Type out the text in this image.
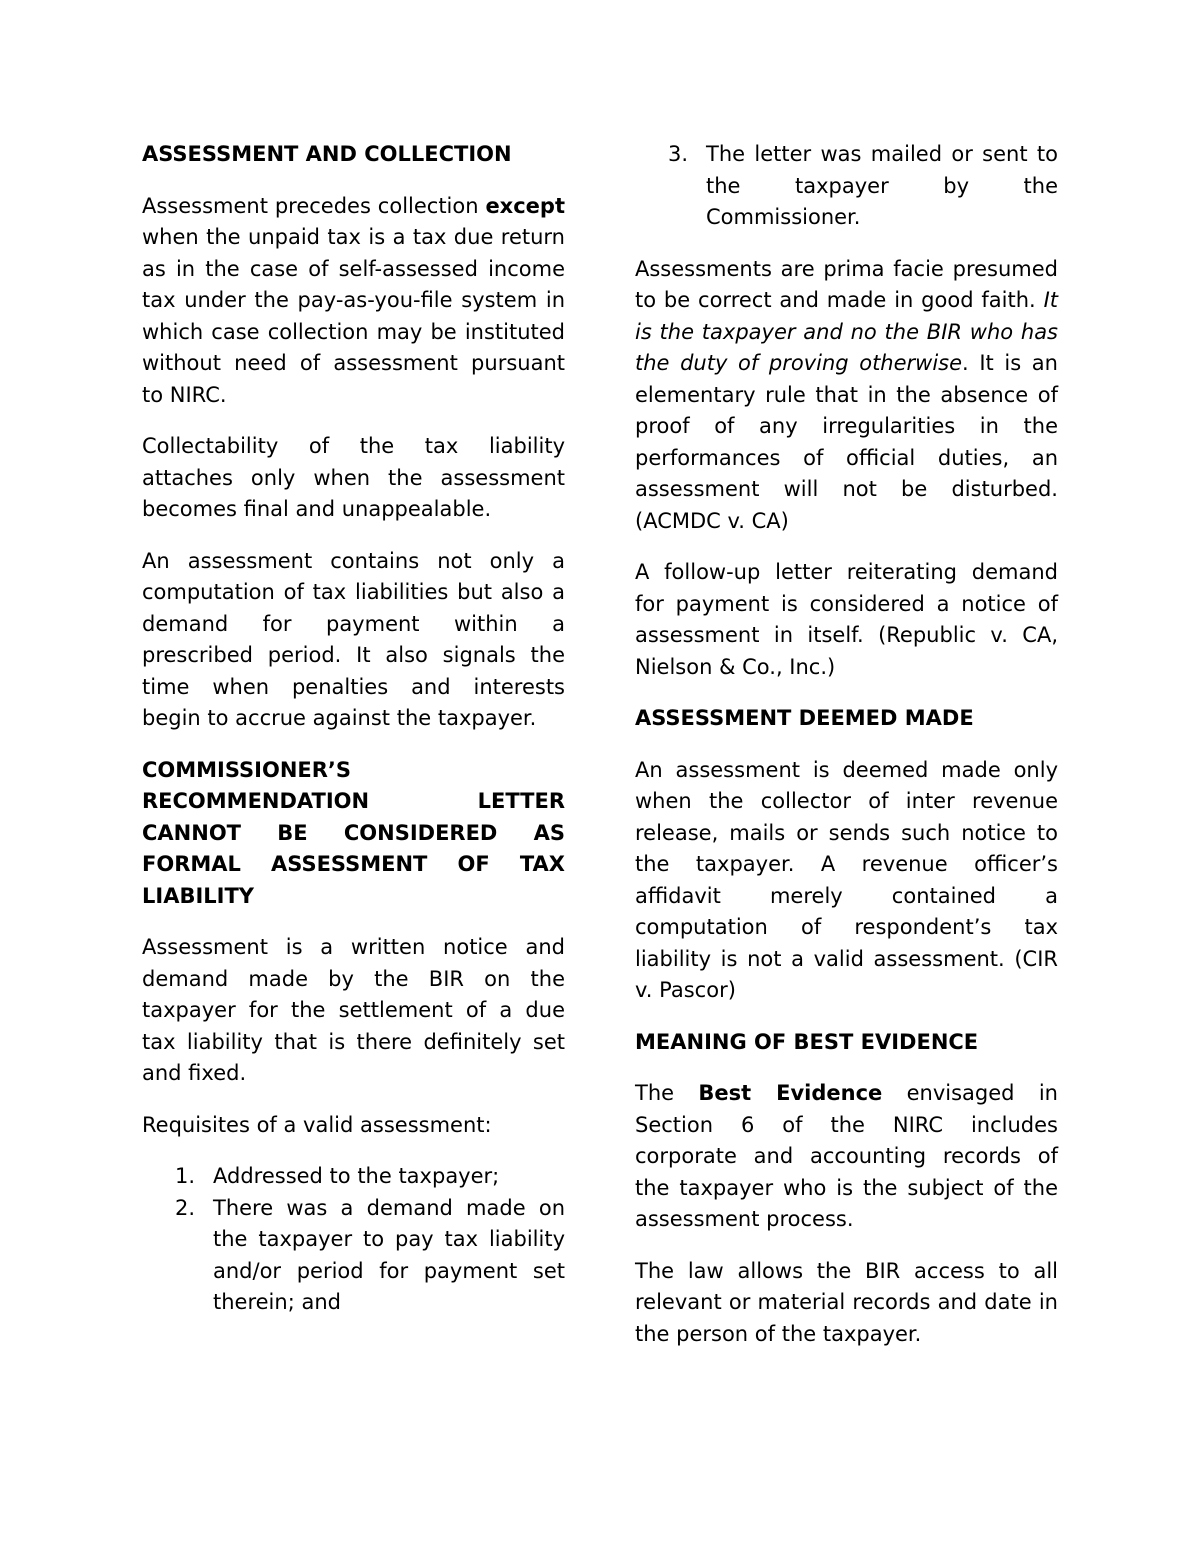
ASSESSMENT AND COLLECTION

Assessment precedes collection except when the unpaid tax is a tax due return as in the case of self-assessed income tax under the pay-as-you-file system in which case collection may be instituted without need of assessment pursuant to NIRC.

Collectability of the tax liability attaches only when the assessment becomes final and unappealable.

An assessment contains not only a computation of tax liabilities but also a demand for payment within a prescribed period. It also signals the time when penalties and interests begin to accrue against the taxpayer.

COMMISSIONER’S RECOMMENDATION LETTER CANNOT BE CONSIDERED AS FORMAL ASSESSMENT OF TAX LIABILITY

Assessment is a written notice and demand made by the BIR on the taxpayer for the settlement of a due tax liability that is there definitely set and fixed.

Requisites of a valid assessment:

1. Addressed to the taxpayer;
2. There was a demand made on the taxpayer to pay tax liability and/or period for payment set therein; and
3. The letter was mailed or sent to the taxpayer by the Commissioner.

Assessments are prima facie presumed to be correct and made in good faith. It is the taxpayer and no the BIR who has the duty of proving otherwise. It is an elementary rule that in the absence of proof of any irregularities in the performances of official duties, an assessment will not be disturbed. (ACMDC v. CA)

A follow-up letter reiterating demand for payment is considered a notice of assessment in itself. (Republic v. CA, Nielson & Co., Inc.)

ASSESSMENT DEEMED MADE

An assessment is deemed made only when the collector of inter revenue release, mails or sends such notice to the taxpayer. A revenue officer’s affidavit merely contained a computation of respondent’s tax liability is not a valid assessment. (CIR v. Pascor)

MEANING OF BEST EVIDENCE

The Best Evidence envisaged in Section 6 of the NIRC includes corporate and accounting records of the taxpayer who is the subject of the assessment process.

The law allows the BIR access to all relevant or material records and date in the person of the taxpayer.
